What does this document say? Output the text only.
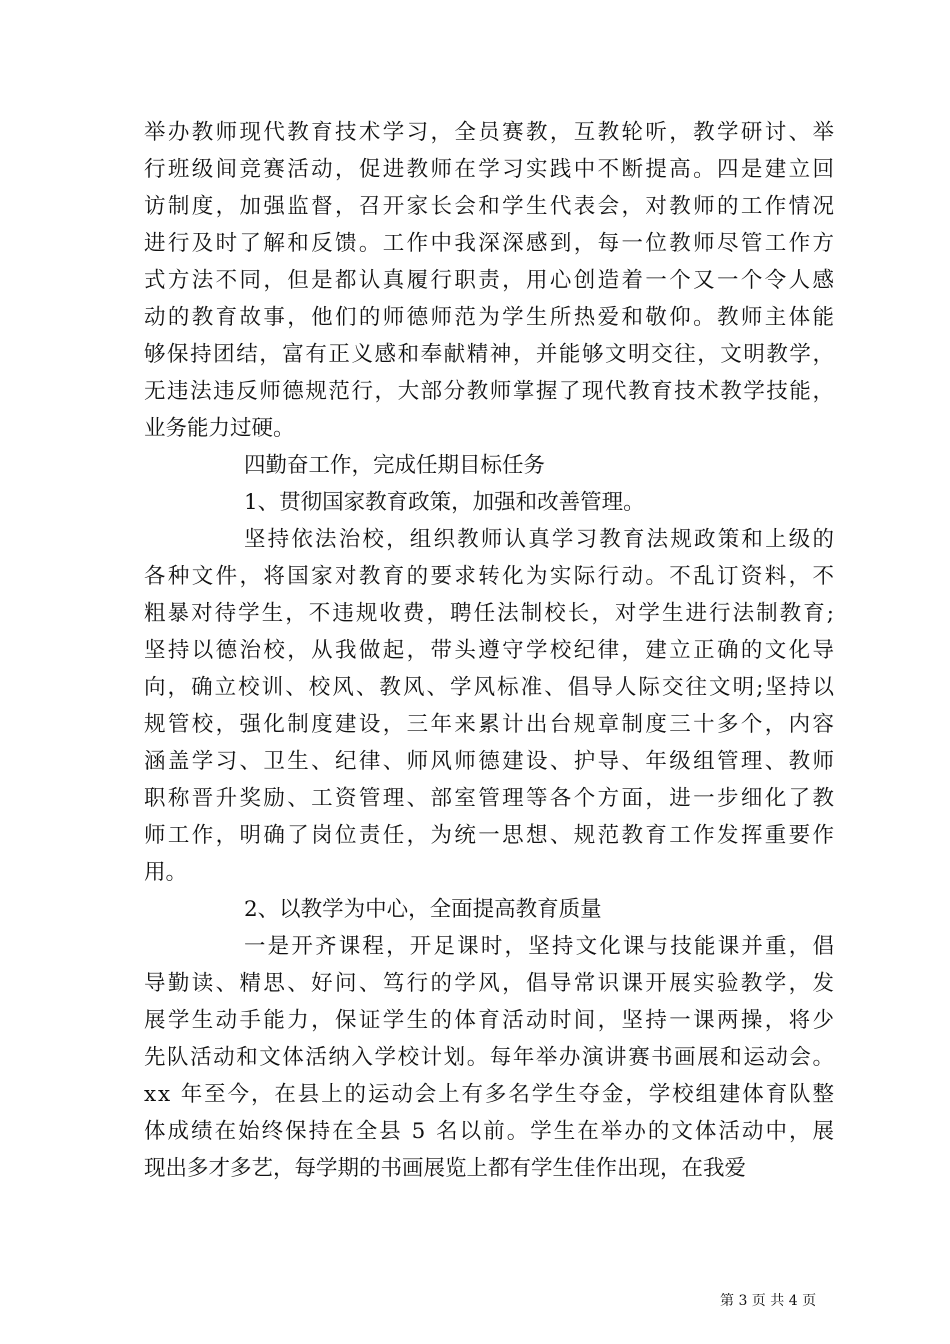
举办教师现代教育技术学习，全员赛教，互教轮听，教学研讨、举
行班级间竞赛活动，促进教师在学习实践中不断提高。四是建立回
访制度，加强监督，召开家长会和学生代表会，对教师的工作情况
进行及时了解和反馈。工作中我深深感到，每一位教师尽管工作方
式方法不同，但是都认真履行职责，用心创造着一个又一个令人感
动的教育故事，他们的师德师范为学生所热爱和敬仰。教师主体能
够保持团结，富有正义感和奉献精神，并能够文明交往，文明教学，
无违法违反师德规范行，大部分教师掌握了现代教育技术教学技能，
业务能力过硬。
四勤奋工作，完成任期目标任务
1、贯彻国家教育政策，加强和改善管理。
坚持依法治校，组织教师认真学习教育法规政策和上级的
各种文件，将国家对教育的要求转化为实际行动。不乱订资料，不
粗暴对待学生，不违规收费，聘任法制校长，对学生进行法制教育;
坚持以德治校，从我做起，带头遵守学校纪律，建立正确的文化导
向，确立校训、校风、教风、学风标准、倡导人际交往文明;坚持以
规管校，强化制度建设，三年来累计出台规章制度三十多个，内容
涵盖学习、卫生、纪律、师风师德建设、护导、年级组管理、教师
职称晋升奖励、工资管理、部室管理等各个方面，进一步细化了教
师工作，明确了岗位责任，为统一思想、规范教育工作发挥重要作
用。
2、以教学为中心，全面提高教育质量
一是开齐课程，开足课时，坚持文化课与技能课并重，倡
导勤读、精思、好问、笃行的学风，倡导常识课开展实验教学，发
展学生动手能力，保证学生的体育活动时间，坚持一课两操，将少
先队活动和文体活纳入学校计划。每年举办演讲赛书画展和运动会。
xx 年至今，在县上的运动会上有多名学生夺金，学校组建体育队整
体成绩在始终保持在全县 5 名以前。学生在举办的文体活动中，展
现出多才多艺，每学期的书画展览上都有学生佳作出现，在我爱
第 3 页 共 4 页
